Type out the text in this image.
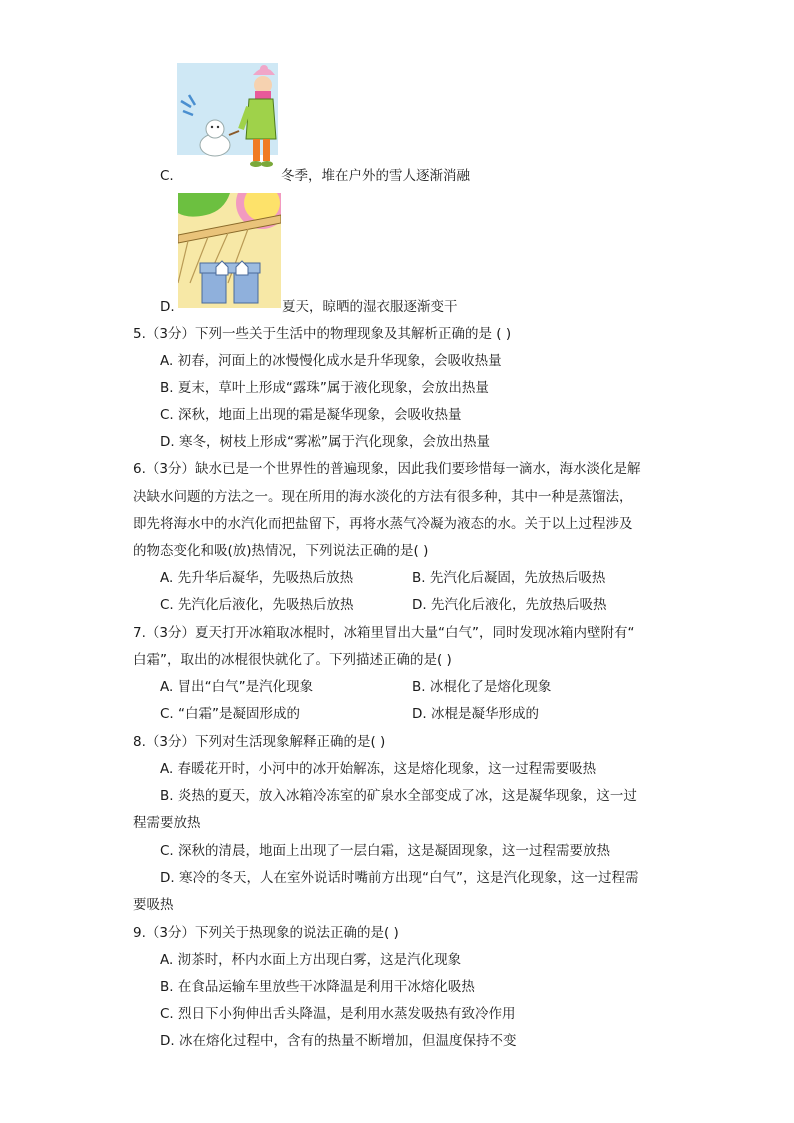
C.	冬季，堆在户外的雪人逐渐消融
D.	夏天，晾晒的湿衣服逐渐变干
5.（3分）下列一些关于生活中的物理现象及其解析正确的是 ( )
A. 初春，河面上的冰慢慢化成水是升华现象，会吸收热量
B. 夏末，草叶上形成“露珠”属于液化现象，会放出热量
C. 深秋，地面上出现的霜是凝华现象，会吸收热量
D. 寒冬，树枝上形成“雾凇”属于汽化现象，会放出热量
6.（3分）缺水已是一个世界性的普遍现象，因此我们要珍惜每一滴水，海水淡化是解
决缺水问题的方法之一。现在所用的海水淡化的方法有很多种，其中一种是蒸馏法，
即先将海水中的水汽化而把盐留下，再将水蒸气冷凝为液态的水。关于以上过程涉及
的物态变化和吸(放)热情况，下列说法正确的是( )
A. 先升华后凝华，先吸热后放热	B. 先汽化后凝固，先放热后吸热
C. 先汽化后液化，先吸热后放热	D. 先汽化后液化，先放热后吸热
7.（3分）夏天打开冰箱取冰棍时，冰箱里冒出大量“白气”，同时发现冰箱内壁附有“
白霜”，取出的冰棍很快就化了。下列描述正确的是( )
A. 冒出“白气”是汽化现象	B. 冰棍化了是熔化现象
C. “白霜”是凝固形成的	D. 冰棍是凝华形成的
8.（3分）下列对生活现象解释正确的是( )
A. 春暖花开时，小河中的冰开始解冻，这是熔化现象，这一过程需要吸热
B. 炎热的夏天，放入冰箱冷冻室的矿泉水全部变成了冰，这是凝华现象，这一过
程需要放热
C. 深秋的清晨，地面上出现了一层白霜，这是凝固现象，这一过程需要放热
D. 寒冷的冬天，人在室外说话时嘴前方出现“白气”，这是汽化现象，这一过程需
要吸热
9.（3分）下列关于热现象的说法正确的是( )
A. 沏茶时，杯内水面上方出现白雾，这是汽化现象
B. 在食品运输车里放些干冰降温是利用干冰熔化吸热
C. 烈日下小狗伸出舌头降温，是利用水蒸发吸热有致冷作用
D. 冰在熔化过程中，含有的热量不断增加，但温度保持不变
